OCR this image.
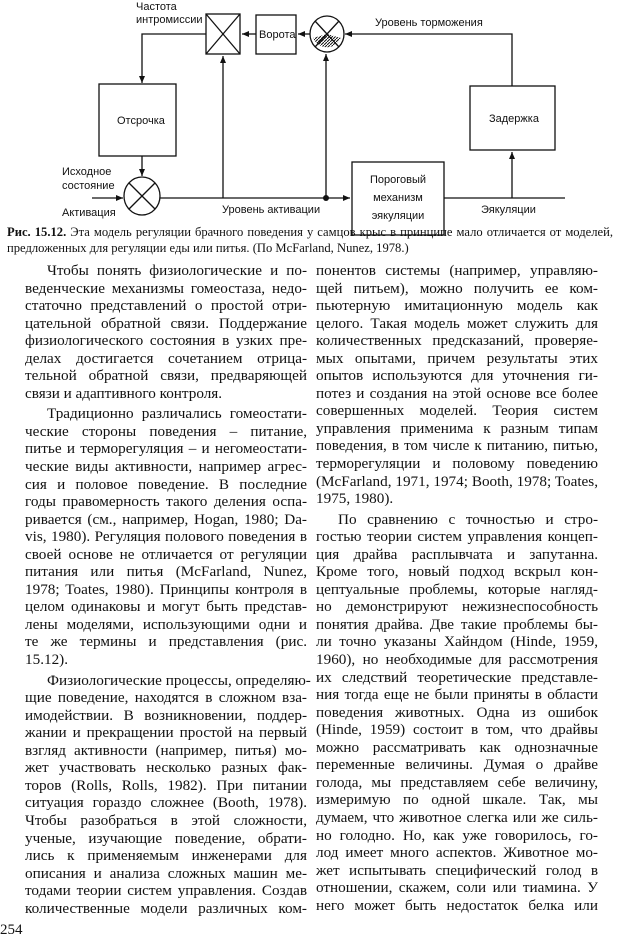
Частота
интромиссии
Ворота
Уровень торможения
Отсрочка
Исходное
состояние
Активация	Уровень активации
Пороговый
механизм
эякуляции
Задержка
Эякуляции
Рис. 15.12. Эта модель регуляции брачного поведения у самцов крыс в принципе мало отличается от моделей, предложенных для регуляции еды или питья. (По McFarland, Nunez, 1978.)
Чтобы понять физиологические и по-
веденческие механизмы гомеостаза, недо-
статочно представлений о простой отри-
цательной обратной связи. Поддержание
физиологического состояния в узких пре-
делах достигается сочетанием отрица-
тельной обратной связи, предваряющей
связи и адаптивного контроля.
Традиционно различались гомеостати-
ческие стороны поведения – питание,
питье и терморегуляция – и негомеостати-
ческие виды активности, например агрес-
сия и половое поведение. В последние
годы правомерность такого деления оспа-
ривается (см., например, Hogan, 1980; Da-
vis, 1980). Регуляция полового поведения в
своей основе не отличается от регуляции
питания или питья (McFarland, Nunez,
1978; Toates, 1980). Принципы контроля в
целом одинаковы и могут быть представ-
лены моделями, использующими одни и
те же термины и представления (рис.
15.12).
Физиологические процессы, определяю-
щие поведение, находятся в сложном вза-
имодействии. В возникновении, поддер-
жании и прекращении простой на первый
взгляд активности (например, питья) мо-
жет участвовать несколько разных фак-
торов (Rolls, Rolls, 1982). При питании
ситуация гораздо сложнее (Booth, 1978).
Чтобы разобраться в этой сложности,
ученые, изучающие поведение, обрати-
лись к применяемым инженерами для
описания и анализа сложных машин ме-
тодами теории систем управления. Создав
количественные модели различных ком-
понентов системы (например, управляю-
щей питьем), можно получить ее ком-
пьютерную имитационную модель как
целого. Такая модель может служить для
количественных предсказаний, проверяе-
мых опытами, причем результаты этих
опытов используются для уточнения ги-
потез и создания на этой основе все более
совершенных моделей. Теория систем
управления применима к разным типам
поведения, в том числе к питанию, питью,
терморегуляции и половому поведению
(McFarland, 1971, 1974; Booth, 1978; Toates,
1975, 1980).
По сравнению с точностью и стро-
гостью теории систем управления концеп-
ция драйва расплывчата и запутанна.
Кроме того, новый подход вскрыл кон-
цептуальные проблемы, которые нагляд-
но демонстрируют нежизнеспособность
понятия драйва. Две такие проблемы бы-
ли точно указаны Хайндом (Hinde, 1959,
1960), но необходимые для рассмотрения
их следствий теоретические представле-
ния тогда еще не были приняты в области
поведения животных. Одна из ошибок
(Hinde, 1959) состоит в том, что драйвы
можно рассматривать как однозначные
переменные величины. Думая о драйве
голода, мы представляем себе величину,
измеримую по одной шкале. Так, мы
думаем, что животное слегка или же силь-
но голодно. Но, как уже говорилось, го-
лод имеет много аспектов. Животное мо-
жет испытывать специфический голод в
отношении, скажем, соли или тиамина. У
него может быть недостаток белка или
254
